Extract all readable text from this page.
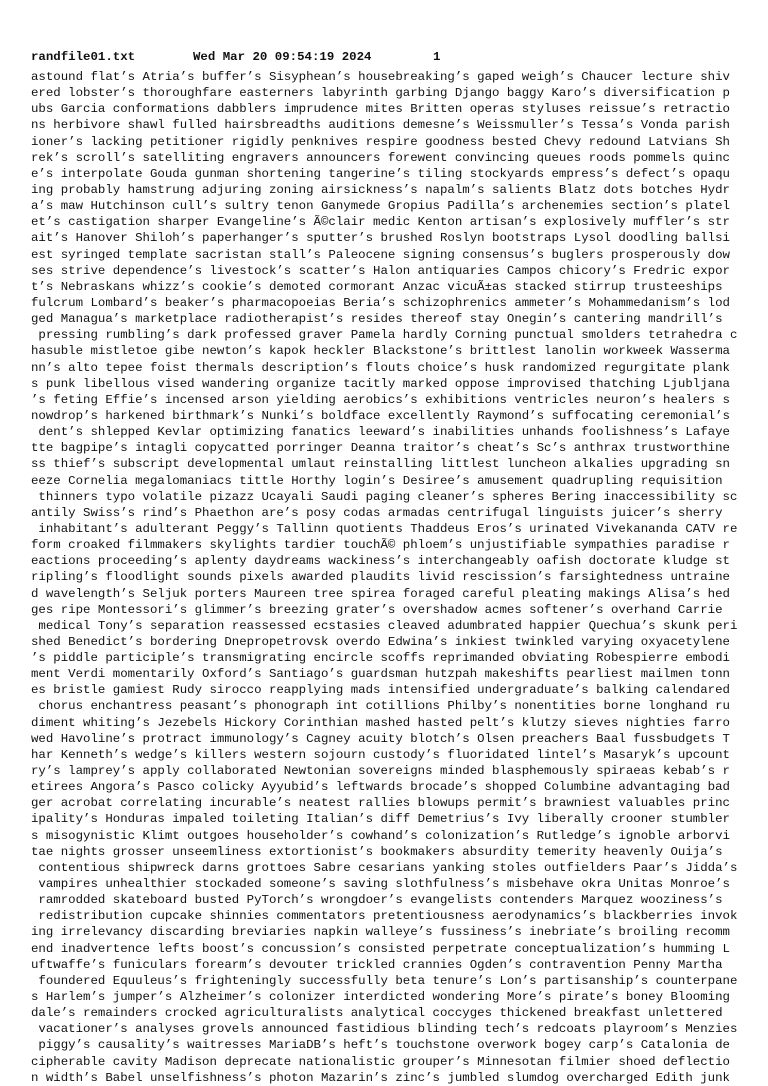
randfile01.txt	Wed Mar 20 09:54:19 2024	1
astound flat’s Atria’s buffer’s Sisyphean’s housebreaking’s gaped weigh’s Chaucer lecture shiv
ered lobster’s thoroughfare easterners labyrinth garbing Django baggy Karo’s diversification p
ubs Garcia conformations dabblers imprudence mites Britten operas styluses reissue’s retractio
ns herbivore shawl fulled hairsbreadths auditions demesne’s Weissmuller’s Tessa’s Vonda parish
ioner’s lacking petitioner rigidly penknives respire goodness bested Chevy redound Latvians Sh
rek’s scroll’s satelliting engravers announcers forewent convincing queues roods pommels quinc
e’s interpolate Gouda gunman shortening tangerine’s tiling stockyards empress’s defect’s opaqu
ing probably hamstrung adjuring zoning airsickness’s napalm’s salients Blatz dots botches Hydr
a’s maw Hutchinson cull’s sultry tenon Ganymede Gropius Padilla’s archenemies section’s platel
et’s castigation sharper Evangeline’s Ã©clair medic Kenton artisan’s explosively muffler’s str
ait’s Hanover Shiloh’s paperhanger’s sputter’s brushed Roslyn bootstraps Lysol doodling ballsi
est syringed template sacristan stall’s Paleocene signing consensus’s buglers prosperously dow
ses strive dependence’s livestock’s scatter’s Halon antiquaries Campos chicory’s Fredric expor
t’s Nebraskans whizz’s cookie’s demoted cormorant Anzac vicuÃ±as stacked stirrup trusteeships
fulcrum Lombard’s beaker’s pharmacopoeias Beria’s schizophrenics ammeter’s Mohammedanism’s lod
ged Managua’s marketplace radiotherapist’s resides thereof stay Onegin’s cantering mandrill’s
pressing rumbling’s dark professed graver Pamela hardly Corning punctual smolders tetrahedra c
hasuble mistletoe gibe newton’s kapok heckler Blackstone’s brittlest lanolin workweek Wasserma
nn’s alto tepee foist thermals description’s flouts choice’s husk randomized regurgitate plank
s punk libellous vised wandering organize tacitly marked oppose improvised thatching Ljubljana
’s feting Effie’s incensed arson yielding aerobics’s exhibitions ventricles neuron’s healers s
nowdrop’s harkened birthmark’s Nunki’s boldface excellently Raymond’s suffocating ceremonial’s
dent’s shlepped Kevlar optimizing fanatics leeward’s inabilities unhands foolishness’s Lafaye
tte bagpipe’s intagli copycatted porringer Deanna traitor’s cheat’s Sc’s anthrax trustworthine
ss thief’s subscript developmental umlaut reinstalling littlest luncheon alkalies upgrading sn
eeze Cornelia megalomaniacs tittle Horthy login’s Desiree’s amusement quadrupling requisition
thinners typo volatile pizazz Ucayali Saudi paging cleaner’s spheres Bering inaccessibility sc
antily Swiss’s rind’s Phaethon are’s posy codas armadas centrifugal linguists juicer’s sherry
inhabitant’s adulterant Peggy’s Tallinn quotients Thaddeus Eros’s urinated Vivekananda CATV re
form croaked filmmakers skylights tardier touchÃ© phloem’s unjustifiable sympathies paradise r
eactions proceeding’s aplenty daydreams wackiness’s interchangeably oafish doctorate kludge st
ripling’s floodlight sounds pixels awarded plaudits livid rescission’s farsightedness untraine
d wavelength’s Seljuk porters Maureen tree spirea foraged careful pleating makings Alisa’s hed
ges ripe Montessori’s glimmer’s breezing grater’s overshadow acmes softener’s overhand Carrie
medical Tony’s separation reassessed ecstasies cleaved adumbrated happier Quechua’s skunk peri
shed Benedict’s bordering Dnepropetrovsk overdo Edwina’s inkiest twinkled varying oxyacetylene
’s piddle participle’s transmigrating encircle scoffs reprimanded obviating Robespierre embodi
ment Verdi momentarily Oxford’s Santiago’s guardsman hutzpah makeshifts pearliest mailmen tonn
es bristle gamiest Rudy sirocco reapplying mads intensified undergraduate’s balking calendared
chorus enchantress peasant’s phonograph int cotillions Philby’s nonentities borne longhand ru
diment whiting’s Jezebels Hickory Corinthian mashed hasted pelt’s klutzy sieves nighties farro
wed Havoline’s protract immunology’s Cagney acuity blotch’s Olsen preachers Baal fussbudgets T
har Kenneth’s wedge’s killers western sojourn custody’s fluoridated lintel’s Masaryk’s upcount
ry’s lamprey’s apply collaborated Newtonian sovereigns minded blasphemously spiraeas kebab’s r
etirees Angora’s Pasco colicky Ayyubid’s leftwards brocade’s shopped Columbine advantaging bad
ger acrobat correlating incurable’s neatest rallies blowups permit’s brawniest valuables princ
ipality’s Honduras impaled toileting Italian’s diff Demetrius’s Ivy liberally crooner stumbler
s misogynistic Klimt outgoes householder’s cowhand’s colonization’s Rutledge’s ignoble arborvi
tae nights grosser unseemliness extortionist’s bookmakers absurdity temerity heavenly Ouija’s
contentious shipwreck darns grottoes Sabre cesarians yanking stoles outfielders Paar’s Jidda’s
vampires unhealthier stockaded someone’s saving slothfulness’s misbehave okra Unitas Monroe’s
ramrodded skateboard busted PyTorch’s wrongdoer’s evangelists contenders Marquez wooziness’s
redistribution cupcake shinnies commentators pretentiousness aerodynamics’s blackberries invok
ing irrelevancy discarding breviaries napkin walleye’s fussiness’s inebriate’s broiling recomm
end inadvertence lefts boost’s concussion’s consisted perpetrate conceptualization’s humming L
uftwaffe’s funiculars forearm’s devouter trickled crannies Ogden’s contravention Penny Martha
foundered Equuleus’s frighteningly successfully beta tenure’s Lon’s partisanship’s counterpane
s Harlem’s jumper’s Alzheimer’s colonizer interdicted wondering More’s pirate’s boney Blooming
dale’s remainders crocked agriculturalists analytical coccyges thickened breakfast unlettered
vacationer’s analyses grovels announced fastidious blinding tech’s redcoats playroom’s Menzies
piggy’s causality’s waitresses MariaDB’s heft’s touchstone overwork bogey carp’s Catalonia de
cipherable cavity Madison deprecate nationalistic grouper’s Minnesotan filmier shoed deflectio
n width’s Babel unselfishness’s photon Mazarin’s zinc’s jumbled slumdog overcharged Edith junk
